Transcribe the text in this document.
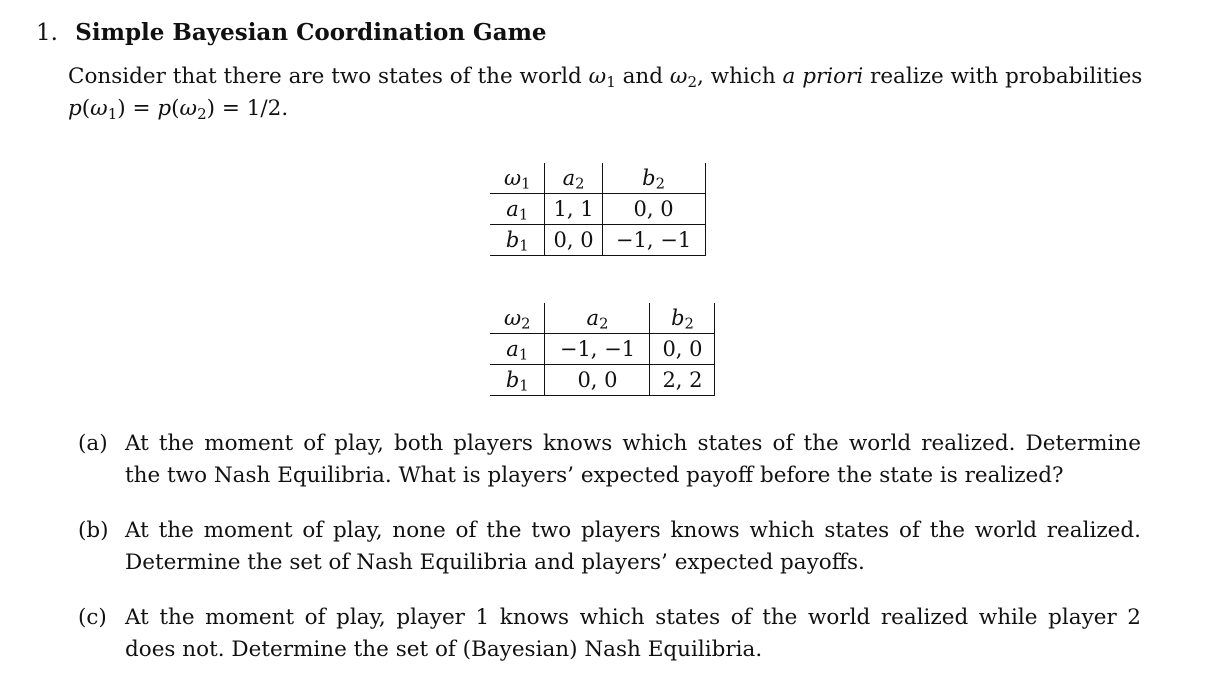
1. Simple Bayesian Coordination Game
Consider that there are two states of the world $\omega_1$ and $\omega_2$, which a priori realize with probabilities
$p(\omega_1) = p(\omega_2) = 1/2$.
$\omega_1$	$a_2$	$b_2$
$a_1$	1, 1	0, 0
$b_1$	0, 0	−1, −1
$\omega_2$	$a_2$	$b_2$
$a_1$	−1, −1	0, 0
$b_1$	0, 0	2, 2
(a) At the moment of play, both players knows which states of the world realized. Determine
the two Nash Equilibria. What is players’ expected payoff before the state is realized?
(b) At the moment of play, none of the two players knows which states of the world realized.
Determine the set of Nash Equilibria and players’ expected payoffs.
(c) At the moment of play, player 1 knows which states of the world realized while player 2
does not. Determine the set of (Bayesian) Nash Equilibria.
